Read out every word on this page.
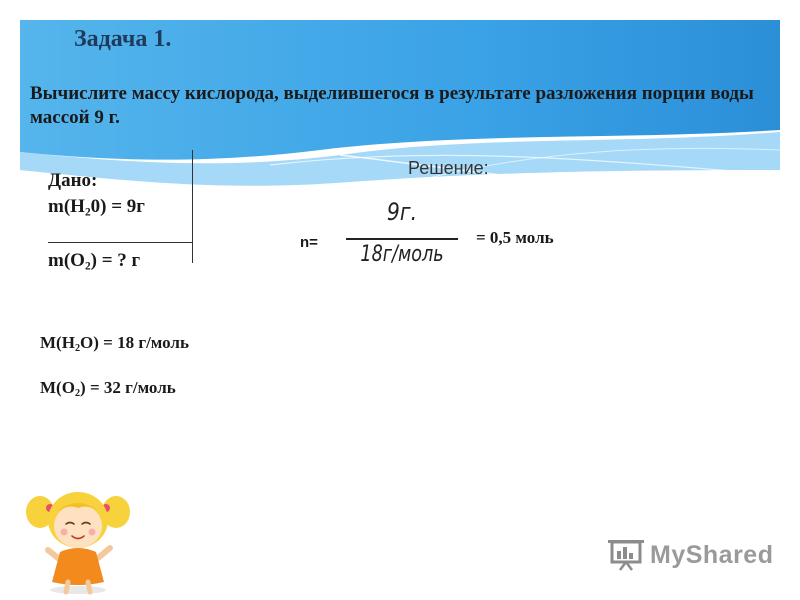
Задача 1.
Вычислите массу кислорода, выделившегося в результате разложения порции воды массой 9 г.
Дано:
$m(H_20) = 9г$
$m(O_2)$ = ? г
Решение:
n=
9г.
18г/моль
= 0,5 моль
$M(H_2O) = 18$ г/моль
$M(O_2) = 32$ г/моль
MyShared
